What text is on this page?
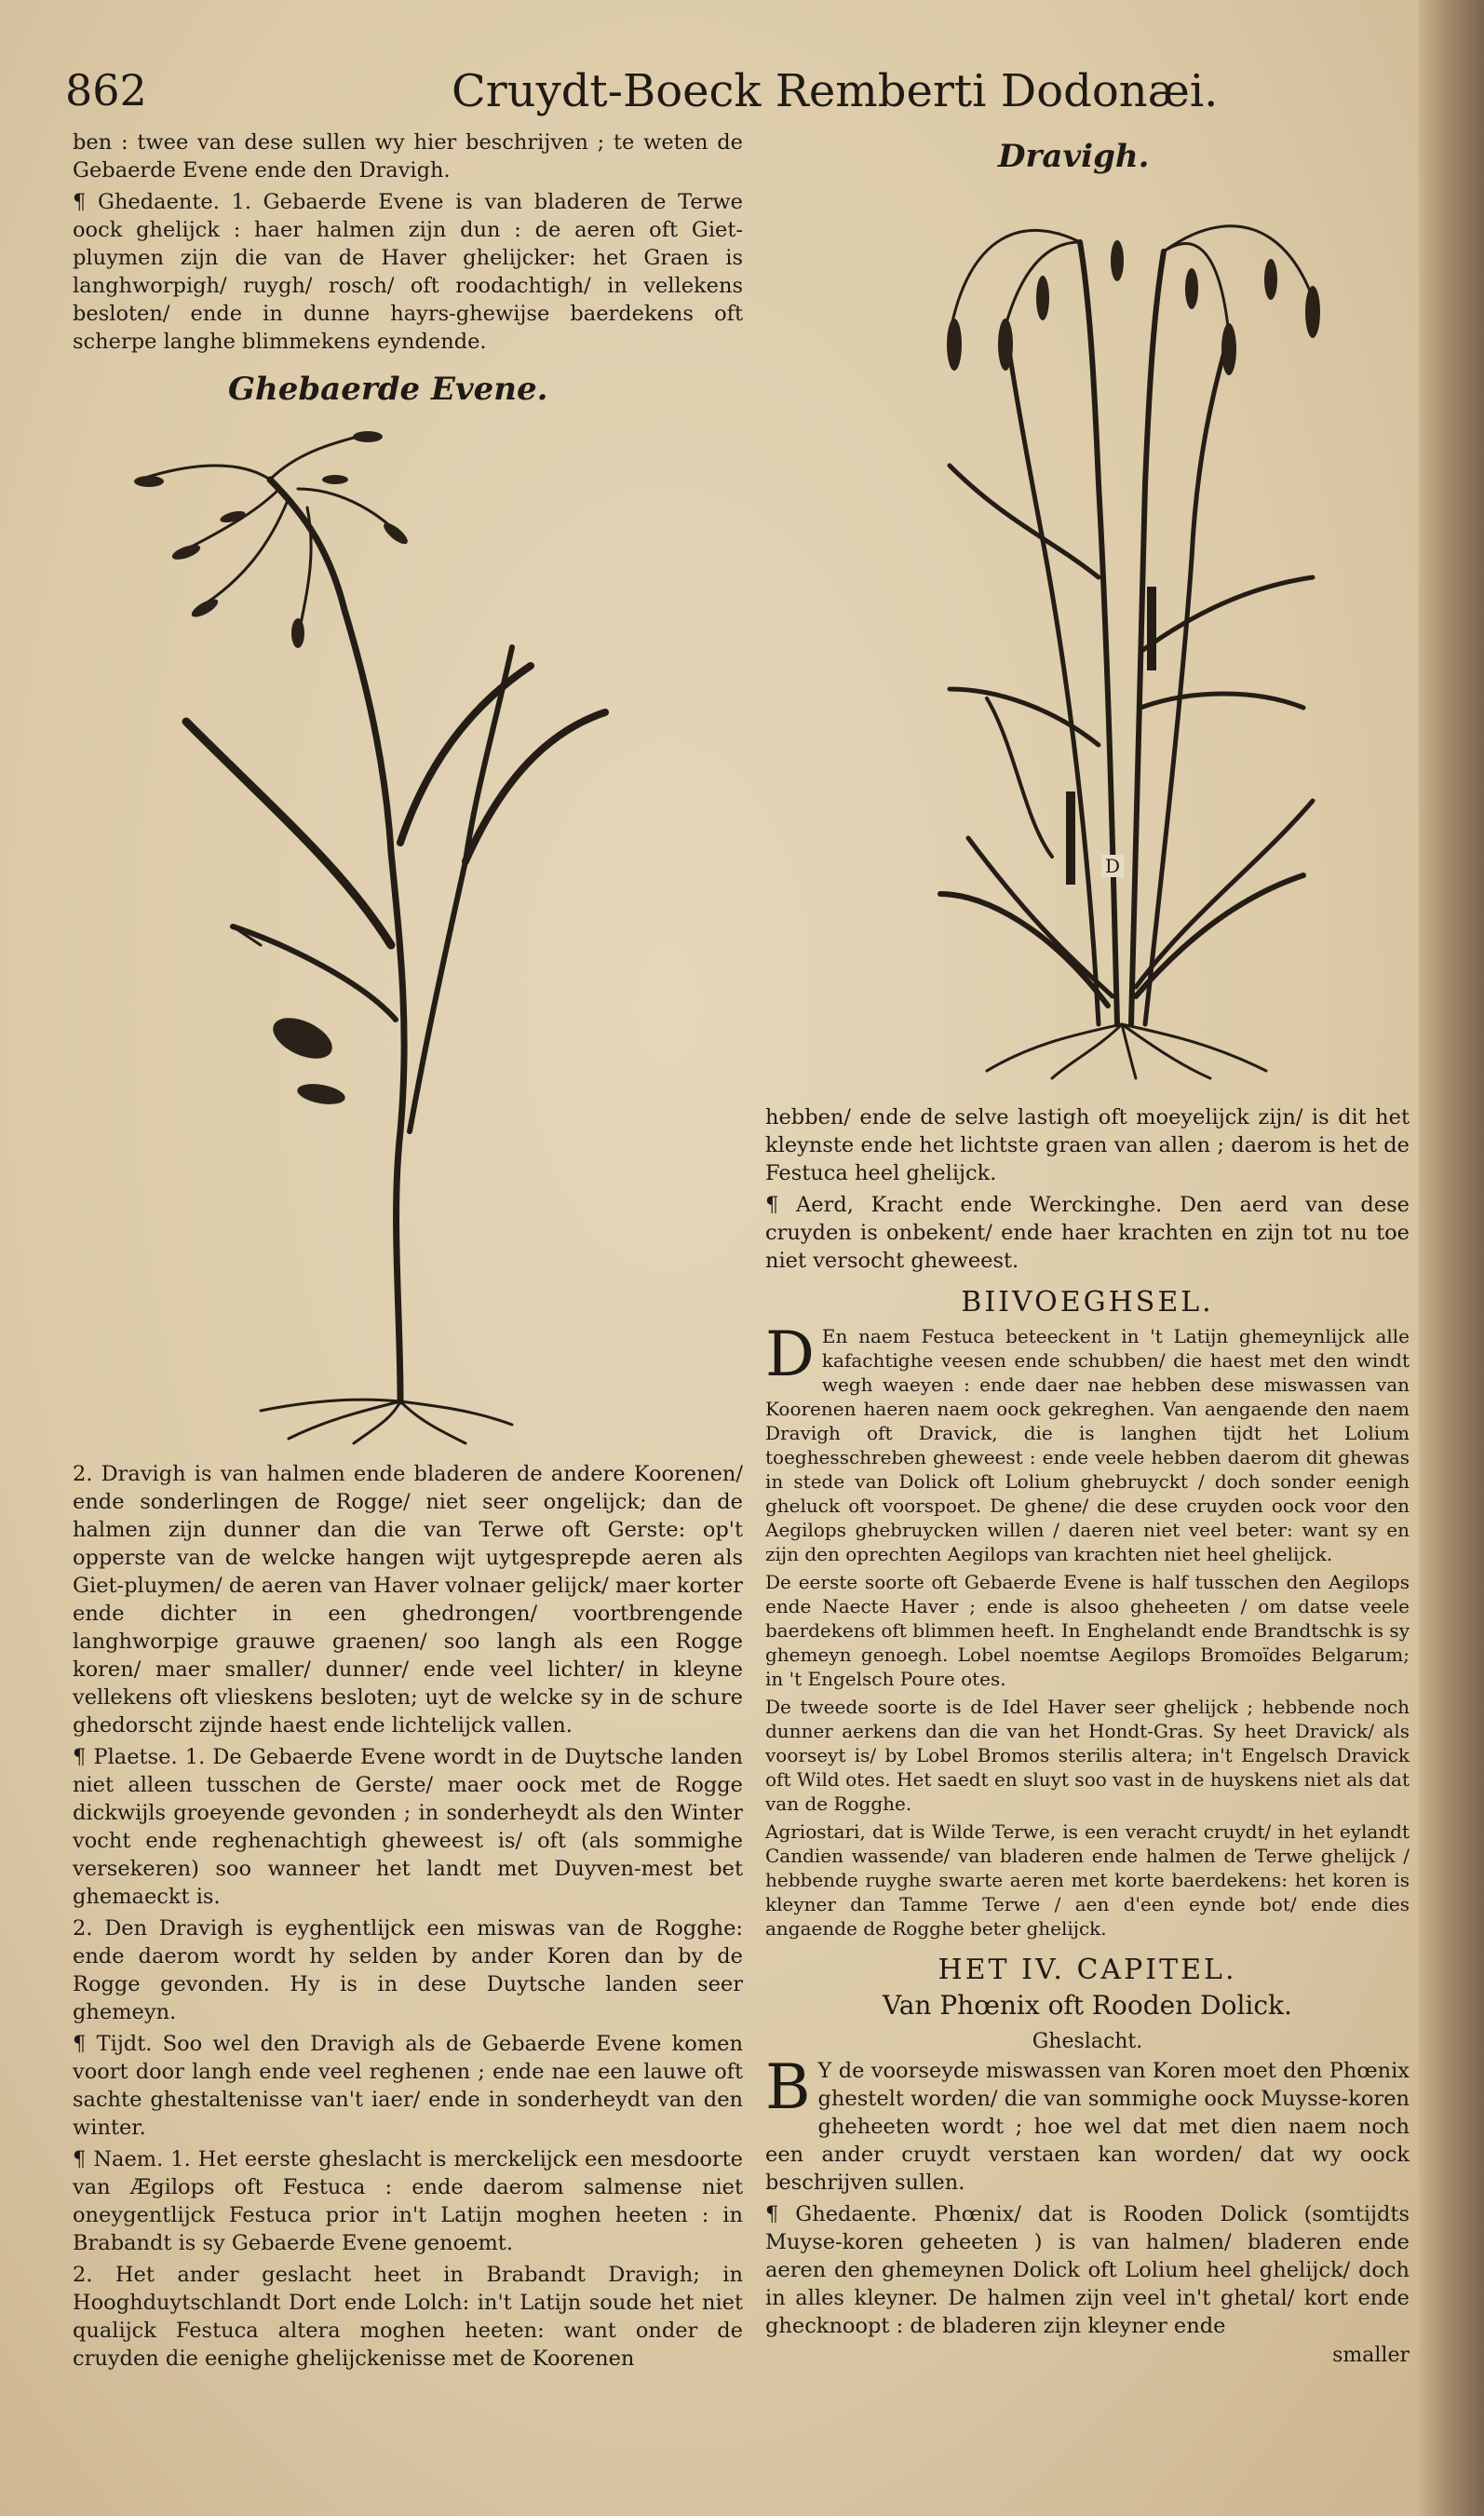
862	Cruydt-Boeck Remberti Dodonæi.

ben : twee van dese sullen wy hier beschrijven ; te weten de Gebaerde Evene ende den Dravigh.

¶ Ghedaente. 1. Gebaerde Evene is van bladeren de Terwe oock ghelijck : haer halmen zijn dun : de aeren oft Giet-pluymen zijn die van de Haver ghelijcker: het Graen is langhworpigh/ ruygh/ rosch/ oft roodachtigh/ in vellekens besloten/ ende in dunne hayrs-ghewijse baerdekens oft scherpe langhe blimmekens eyndende.

Ghebaerde Evene.

2. Dravigh is van halmen ende bladeren de andere Koorenen/ ende sonderlingen de Rogge/ niet seer ongelijck; dan de halmen zijn dunner dan die van Terwe oft Gerste: op't opperste van de welcke hangen wijt uytgesprepde aeren als Giet-pluymen/ de aeren van Haver volnaer gelijck/ maer korter ende dichter in een ghedrongen/ voortbrengende langhworpige grauwe graenen/ soo langh als een Rogge koren/ maer smaller/ dunner/ ende veel lichter/ in kleyne vellekens oft vlieskens besloten; uyt de welcke sy in de schure ghedorscht zijnde haest ende lichtelijck vallen.

¶ Plaetse. 1. De Gebaerde Evene wordt in de Duytsche landen niet alleen tusschen de Gerste/ maer oock met de Rogge dickwijls groeyende gevonden ; in sonderheydt als den Winter vocht ende reghenachtigh gheweest is/ oft (als sommighe versekeren) soo wanneer het landt met Duyven-mest bet ghemaeckt is.

2. Den Dravigh is eyghentlijck een miswas van de Rogghe: ende daerom wordt hy selden by ander Koren dan by de Rogge gevonden. Hy is in dese Duytsche landen seer ghemeyn.

¶ Tijdt. Soo wel den Dravigh als de Gebaerde Evene komen voort door langh ende veel reghenen ; ende nae een lauwe oft sachte ghestaltenisse van't iaer/ ende in sonderheydt van den winter.

¶ Naem. 1. Het eerste gheslacht is merckelijck een mesdoorte van Ægilops oft Festuca : ende daerom salmense niet oneygentlijck Festuca prior in't Latijn moghen heeten : in Brabandt is sy Gebaerde Evene genoemt.

2. Het ander geslacht heet in Brabandt Dravigh; in Hooghduytschlandt Dort ende Lolch: in't Latijn soude het niet qualijck Festuca altera moghen heeten: want onder de cruyden die eenighe ghelijckenisse met de Koorenen

Dravigh.
D

hebben/ ende de selve lastigh oft moeyelijck zijn/ is dit het kleynste ende het lichtste graen van allen ; daerom is het de Festuca heel ghelijck.

¶ Aerd, Kracht ende Werckinghe. Den aerd van dese cruyden is onbekent/ ende haer krachten en zijn tot nu toe niet versocht gheweest.

BIIVOEGHSEL.

D En naem Festuca beteeckent in 't Latijn ghemeynlijck alle kafachtighe veesen ende schubben/ die haest met den windt wegh waeyen : ende daer nae hebben dese miswassen van Koorenen haeren naem oock gekreghen. Van aengaende den naem Dravigh oft Dravick, die is langhen tijdt het Lolium toeghesschreben gheweest : ende veele hebben daerom dit ghewas in stede van Dolick oft Lolium ghebruyckt / doch sonder eenigh gheluck oft voorspoet. De ghene/ die dese cruyden oock voor den Aegilops ghebruycken willen / daeren niet veel beter: want sy en zijn den oprechten Aegilops van krachten niet heel ghelijck.

De eerste soorte oft Gebaerde Evene is half tusschen den Aegilops ende Naecte Haver ; ende is alsoo gheheeten / om datse veele baerdekens oft blimmen heeft. In Enghelandt ende Brandtschk is sy ghemeyn genoegh. Lobel noemtse Aegilops Bromoïdes Belgarum; in 't Engelsch Poure otes.

De tweede soorte is de Idel Haver seer ghelijck ; hebbende noch dunner aerkens dan die van het Hondt-Gras. Sy heet Dravick/ als voorseyt is/ by Lobel Bromos sterilis altera; in't Engelsch Dravick oft Wild otes. Het saedt en sluyt soo vast in de huyskens niet als dat van de Rogghe.

Agriostari, dat is Wilde Terwe, is een veracht cruydt/ in het eylandt Candien wassende/ van bladeren ende halmen de Terwe ghelijck / hebbende ruyghe swarte aeren met korte baerdekens: het koren is kleyner dan Tamme Terwe / aen d'een eynde bot/ ende dies angaende de Rogghe beter ghelijck.

HET IV. CAPITEL.

Van Phœnix oft Rooden Dolick.

Gheslacht.

B Y de voorseyde miswassen van Koren moet den Phœnix ghestelt worden/ die van sommighe oock Muysse-koren gheheeten wordt ; hoe wel dat met dien naem noch een ander cruydt verstaen kan worden/ dat wy oock beschrijven sullen.

¶ Ghedaente. Phœnix/ dat is Rooden Dolick (somtijdts Muyse-koren geheeten ) is van halmen/ bladeren ende aeren den ghemeynen Dolick oft Lolium heel ghelijck/ doch in alles kleyner. De halmen zijn veel in't ghetal/ kort ende ghecknoopt : de bladeren zijn kleyner ende

smaller
